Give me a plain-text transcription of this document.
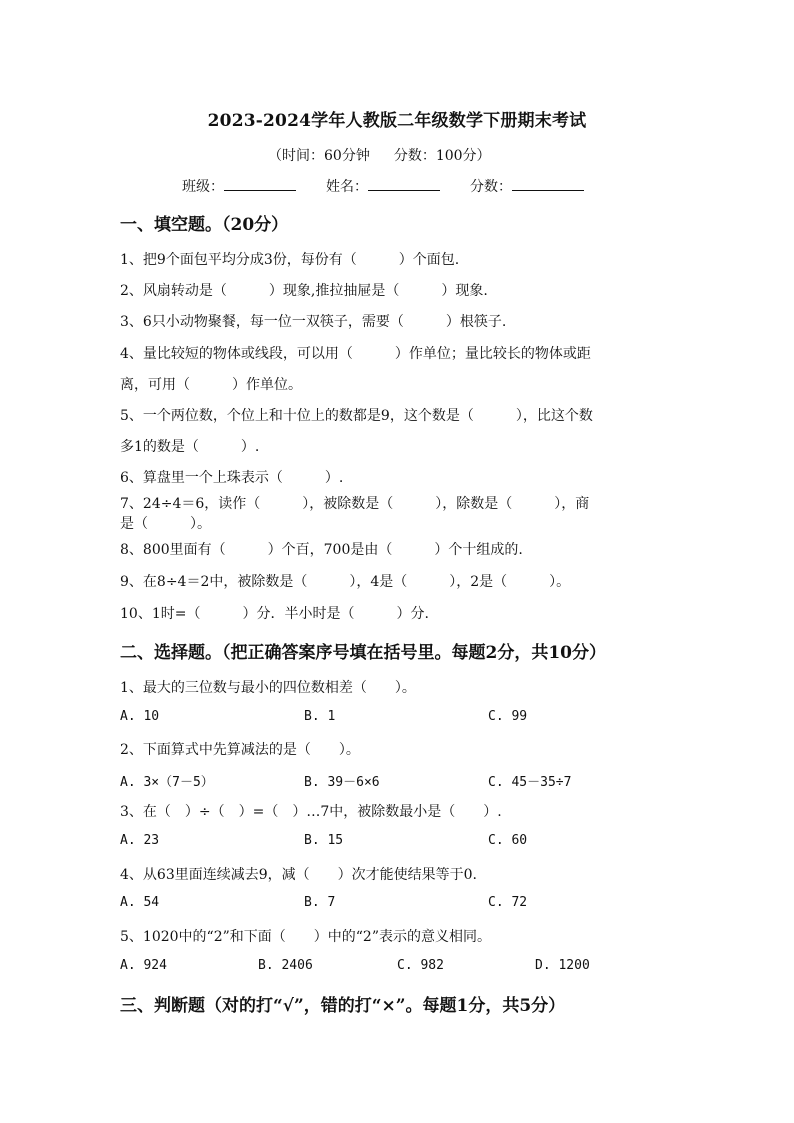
2023-2024学年人教版二年级数学下册期末考试
（时间：60分钟 分数：100分）
班级：	姓名：	分数：
一、填空题。（20分）
1、把9个面包平均分成3份，每份有（　　　）个面包.
2、风扇转动是（　　　）现象,推拉抽屉是（　　　）现象.
3、6只小动物聚餐，每一位一双筷子，需要（　　　）根筷子.
4、量比较短的物体或线段，可以用（　　　）作单位；量比较长的物体或距
离，可用（　　　）作单位。
5、一个两位数，个位上和十位上的数都是9，这个数是（　　　），比这个数
多1的数是（　　　）.
6、算盘里一个上珠表示（　　　）.
7、24÷4＝6，读作（　　　），被除数是（　　　），除数是（　　　），商
是（　　　）。
8、800里面有（　　　）个百，700是由（　　　）个十组成的.
9、在8÷4＝2中，被除数是（　　　），4是（　　　），2是（　　　）。
10、1时=（　　　）分．半小时是（　　　）分.
二、选择题。（把正确答案序号填在括号里。每题2分，共10分）
1、最大的三位数与最小的四位数相差（　　）。
A. 10	B. 1	C. 99
2、下面算式中先算减法的是（　　）。
A. 3×（7－5）	B. 39－6×6	C. 45－35÷7
3、在（　）÷（　）=（　）…7中，被除数最小是（　　）.
A. 23	B. 15	C. 60
4、从63里面连续减去9，减（　　）次才能使结果等于0.
A. 54	B. 7	C. 72
5、1020中的“2”和下面（　　）中的“2”表示的意义相同。
A. 924	B. 2406	C. 982	D. 1200
三、判断题（对的打“√”，错的打“×”。每题1分，共5分）
